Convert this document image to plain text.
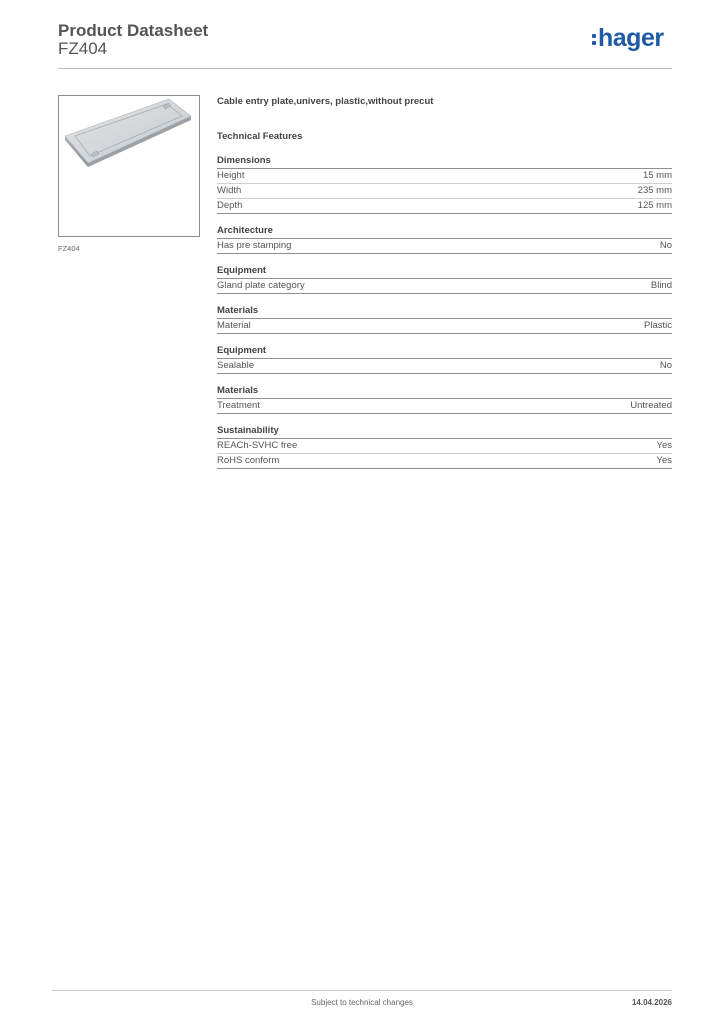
Product Datasheet
FZ404	hager
FZ404
Cable entry plate,univers, plastic,without precut
Technical Features
Dimensions
Height	15 mm
Width	235 mm
Depth	125 mm
Architecture
Has pre stamping	No
Equipment
Gland plate category	Blind
Materials
Material	Plastic
Equipment
Sealable	No
Materials
Treatment	Untreated
Sustainability
REACh-SVHC free	Yes
RoHS conform	Yes
Subject to technical changes	14.04.2026
